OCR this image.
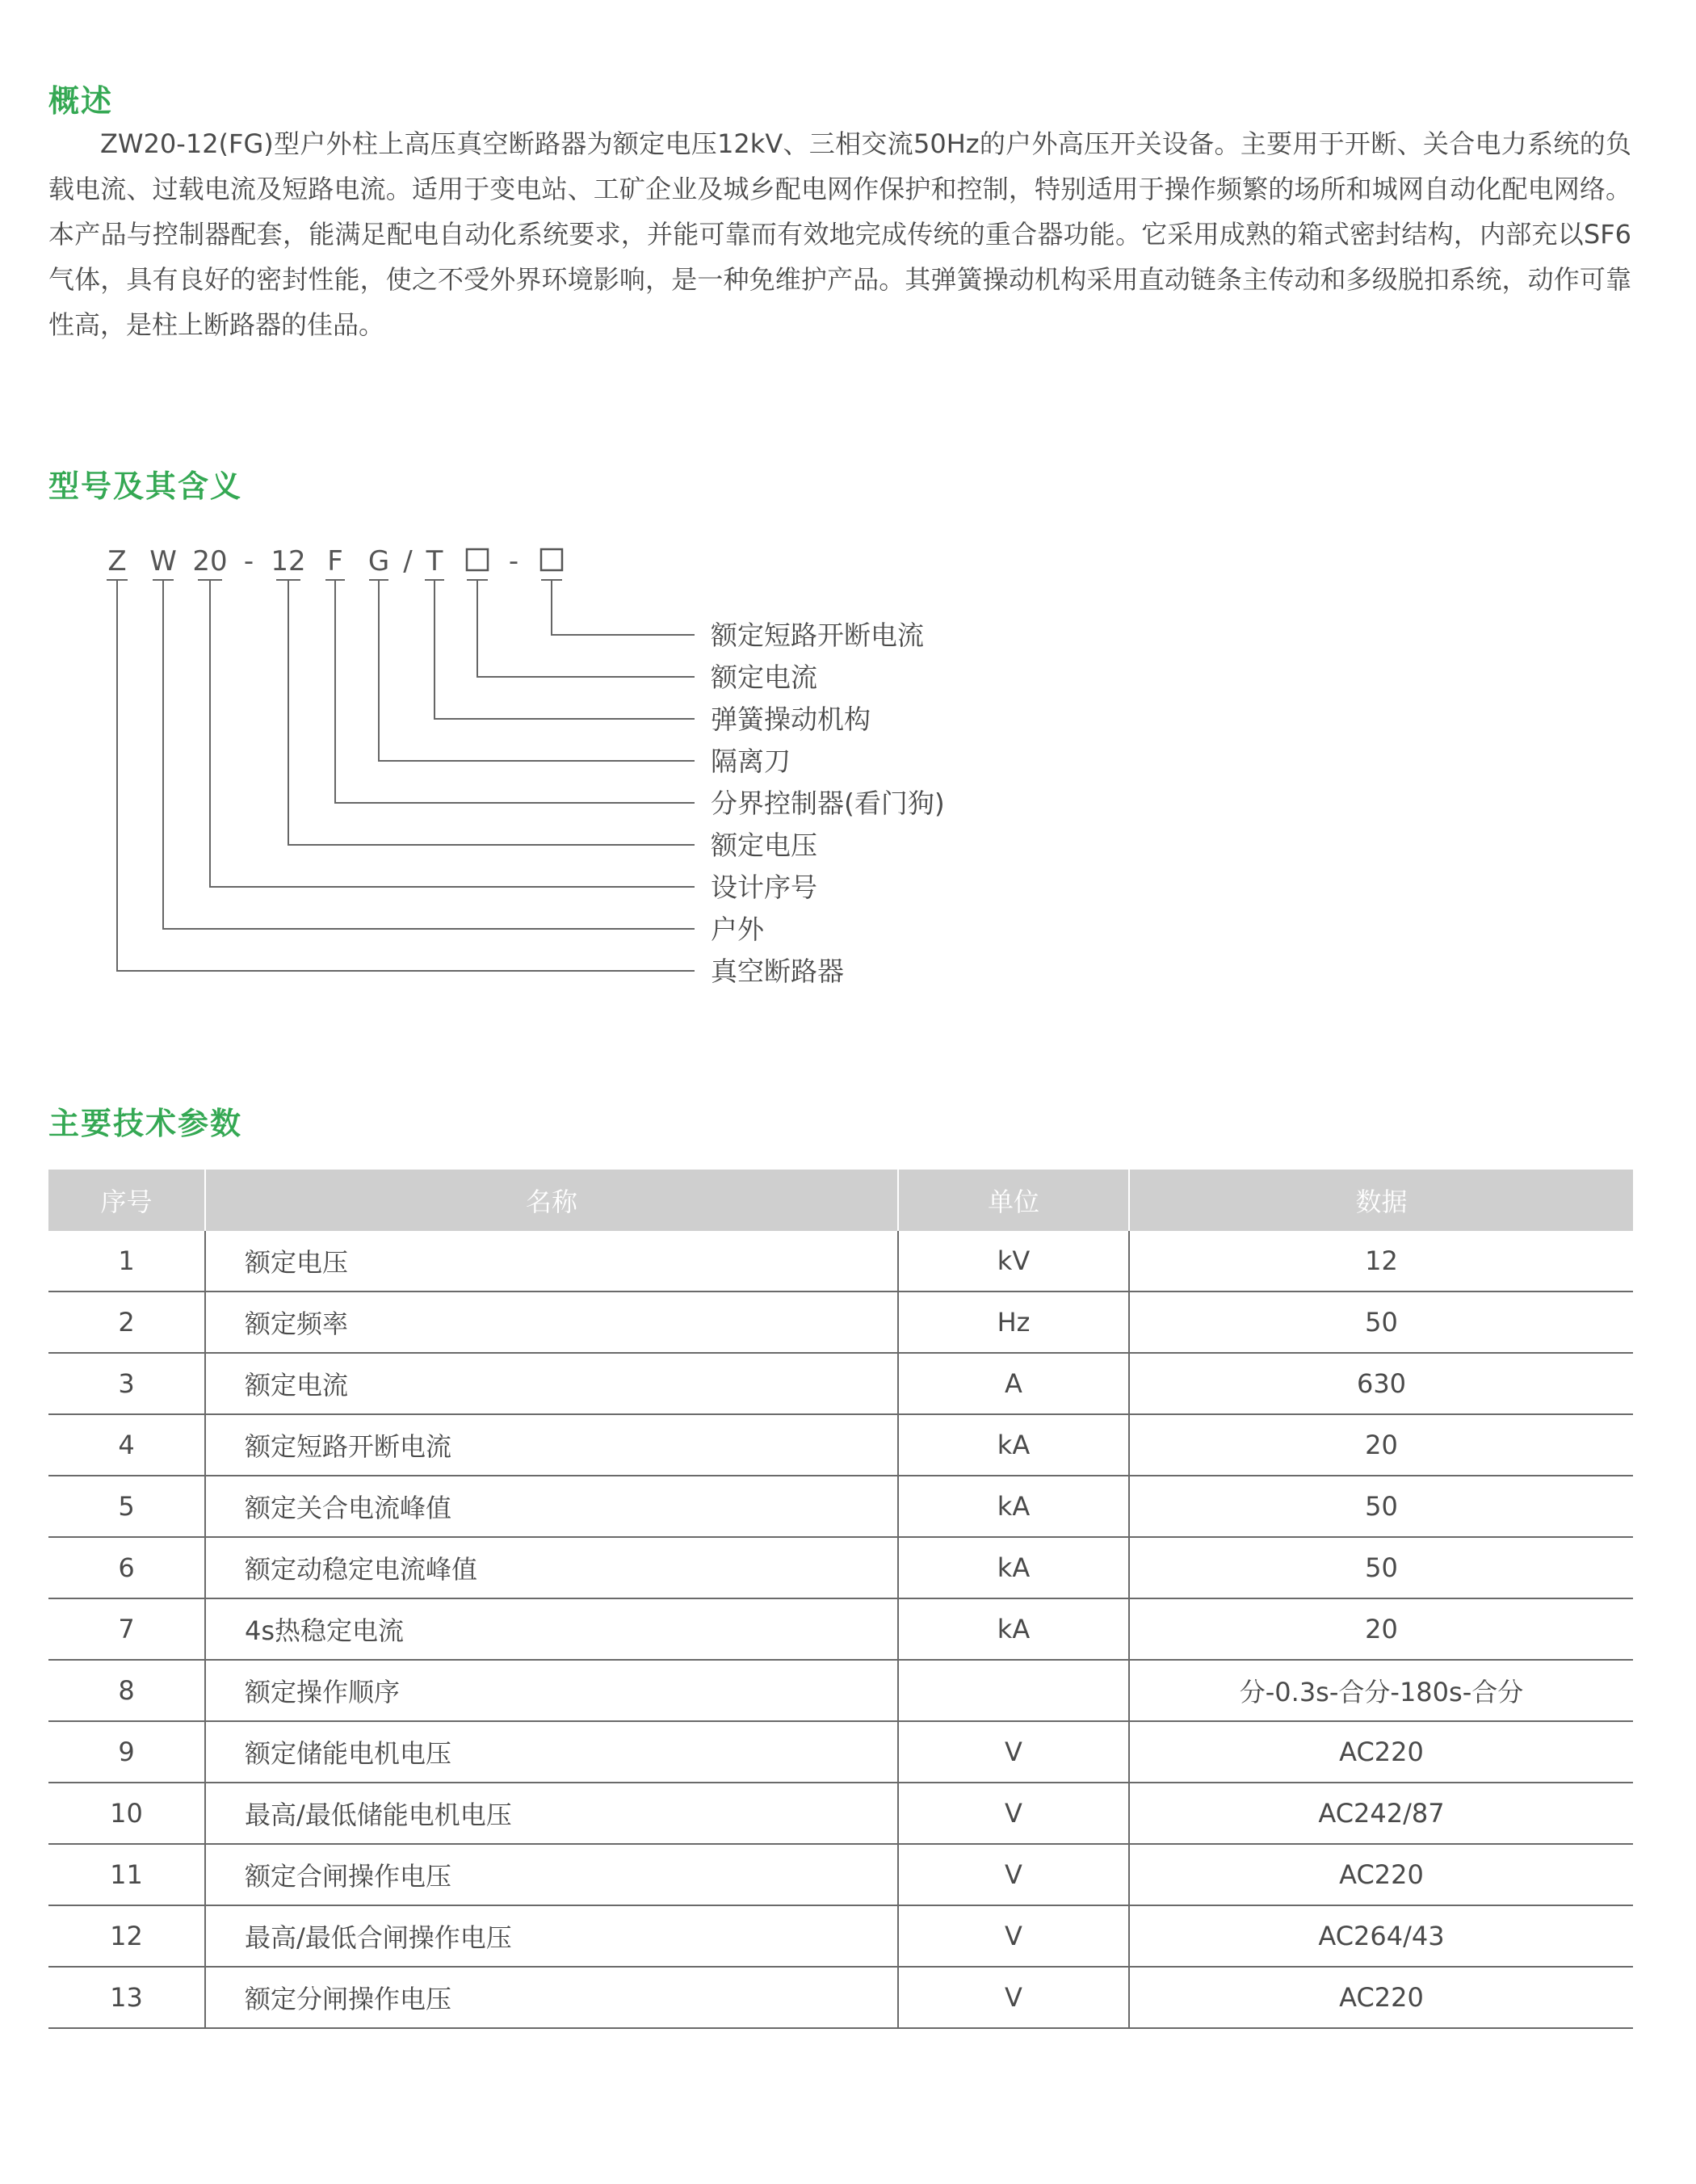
概述

ZW20-12(FG)型户外柱上高压真空断路器为额定电压12kV、三相交流50Hz的户外高压开关设备。主要用于开断、关合电力系统的负载电流、过载电流及短路电流。适用于变电站、工矿企业及城乡配电网作保护和控制，特别适用于操作频繁的场所和城网自动化配电网络。本产品与控制器配套，能满足配电自动化系统要求，并能可靠而有效地完成传统的重合器功能。它采用成熟的箱式密封结构，内部充以SF6气体，具有良好的密封性能，使之不受外界环境影响，是一种免维护产品。其弹簧操动机构采用直动链条主传动和多级脱扣系统，动作可靠性高，是柱上断路器的佳品。

型号及其含义
Z W 20 - 12 F G / T -
额定短路开断电流
额定电流
弹簧操动机构
隔离刀
分界控制器(看门狗)
额定电压
设计序号
户外
真空断路器
主要技术参数
序号	名称	单位	数据
1	额定电压	kV	12
2	额定频率	Hz	50
3	额定电流	A	630
4	额定短路开断电流	kA	20
5	额定关合电流峰值	kA	50
6	额定动稳定电流峰值	kA	50
7	4s热稳定电流	kA	20
8	额定操作顺序		分-0.3s-合分-180s-合分
9	额定储能电机电压	V	AC220
10	最高/最低储能电机电压	V	AC242/87
11	额定合闸操作电压	V	AC220
12	最高/最低合闸操作电压	V	AC264/43
13	额定分闸操作电压	V	AC220
